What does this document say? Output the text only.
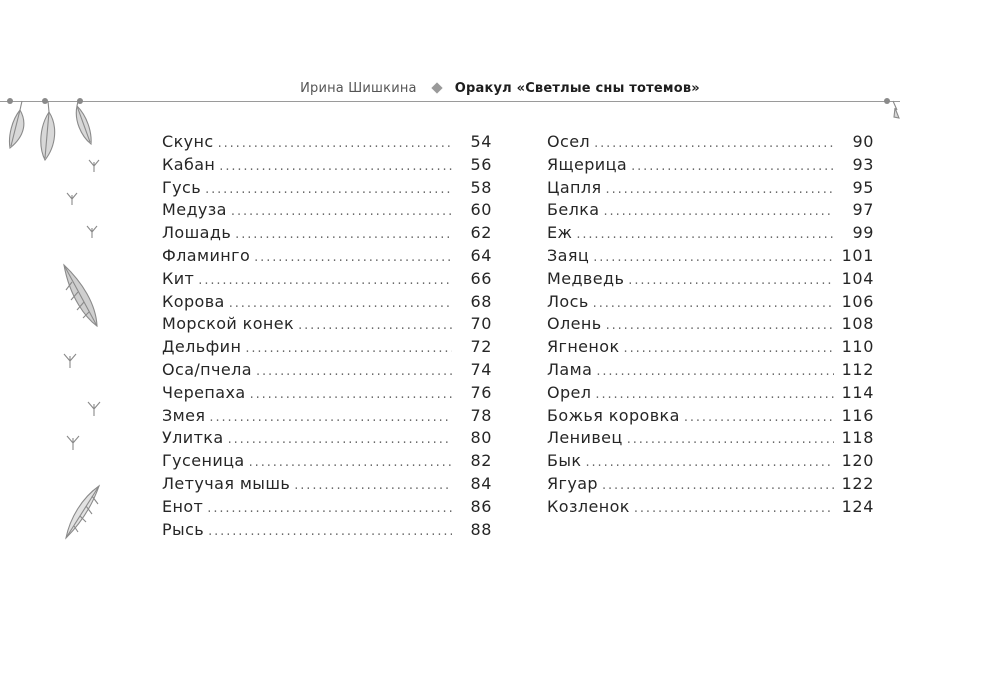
Ирина Шишкина	Оракул «Светлые сны тотемов»
Скунс .....	54
Кабан .....	56
Гусь .....	58
Медуза .....	60
Лошадь .....	62
Фламинго .....	64
Кит .....	66
Корова .....	68
Морской конек .....	70
Дельфин .....	72
Оса/пчела .....	74
Черепаха .....	76
Змея .....	78
Улитка .....	80
Гусеница .....	82
Летучая мышь .....	84
Енот .....	86
Рысь .....	88
Осел .....	90
Ящерица .....	93
Цапля .....	95
Белка .....	97
Еж .....	99
Заяц .....	101
Медведь .....	104
Лось .....	106
Олень .....	108
Ягненок .....	110
Лама .....	112
Орел .....	114
Божья коровка .....	116
Ленивец .....	118
Бык .....	120
Ягуар .....	122
Козленок .....	124
